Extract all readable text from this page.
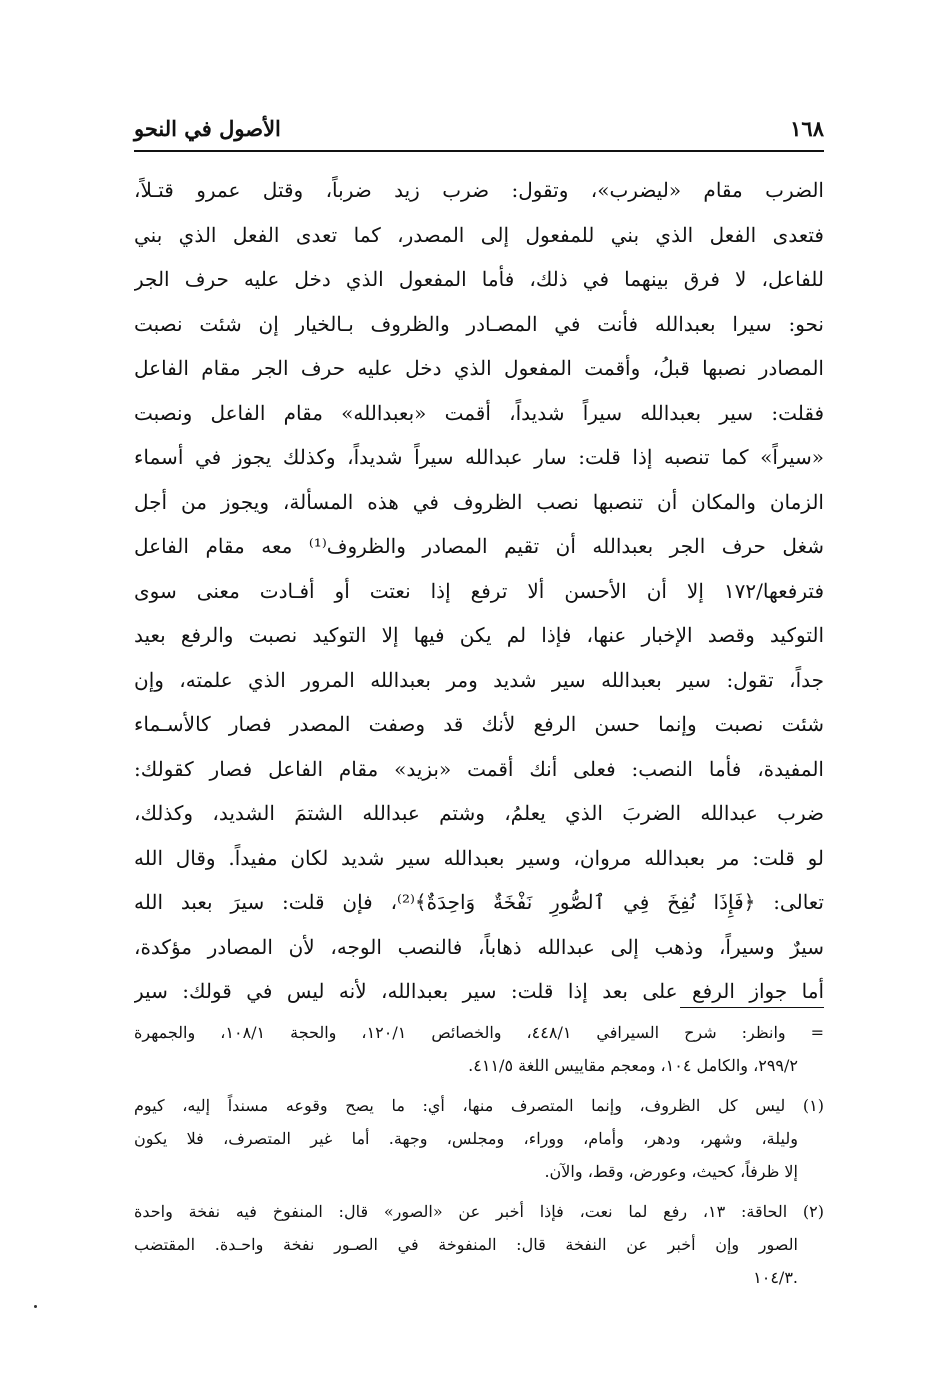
١٦٨
الأصول في النحو
الضرب مقام «ليضرب»، وتقول: ضرب زيد ضرباً، وقتل عمرو قتـلاً،
فتعدى الفعل الذي بني للمفعول إلى المصدر، كما تعدى الفعل الذي بني
للفاعل، لا فرق بينهما في ذلك، فأما المفعول الذي دخل عليه حرف الجر
نحو: سيرا بعبدالله فأنت في المصـادر والظروف بـالخيار إن شئت نصبت
المصادر نصبها قبلُ، وأقمت المفعول الذي دخل عليه حرف الجر مقام الفاعل
فقلت: سير بعبدالله سيراً شديداً، أقمت «بعبدالله» مقام الفاعل ونصبت
«سيراً» كما تنصبه إذا قلت: سار عبدالله سيراً شديداً، وكذلك يجوز في أسماء
الزمان والمكان أن تنصبها نصب الظروف في هذه المسألة، ويجوز من أجل
شغل حرف الجر بعبدالله أن تقيم المصادر والظروف⁽¹⁾ معه مقام الفاعل
فترفعها/١٧٢ إلا أن الأحسن ألا ترفع إذا نعتت أو أفـادت معنى سوى
التوكيد وقصد الإخبار عنها، فإذا لم يكن فيها إلا التوكيد نصبت والرفع بعيد
جداً، تقول: سير بعبدالله سير شديد ومر بعبدالله المرور الذي علمته، وإن
شئت نصبت وإنما حسن الرفع لأنك قد وصفت المصدر فصار كالأسـماء
المفيدة، فأما النصب: فعلى أنك أقمت «بزيد» مقام الفاعل فصار كقولك:
ضرب عبدالله الضربَ الذي يعلمُ، وشتم عبدالله الشتمَ الشديد، وكذلك،
لو قلت: مر بعبدالله مروان، وسير بعبدالله سير شديد لكان مفيداً. وقال الله
تعالى: ﴿فَإِذَا نُفِخَ فِي ٱلصُّورِ نَفْخَةٌ وَاحِدَةٌ﴾⁽²⁾، فإن قلت: سيرَ بعبد الله
سيرٌ وسيراً، وذهب إلى عبدالله ذهاباً، فالنصب الوجه، لأن المصادر مؤكدة،
أما جواز الرفع على بعد إذا قلت: سير بعبدالله، لأنه ليس في قولك: سير
= وانظر: شرح السيرافي ٤٤٨/١، والخصائص ١٢٠/١، والحجة ١٠٨/١، والجمهرة
٢٩٩/٢، والكامل ١٠٤، ومعجم مقاييس اللغة ٤١١/٥.
(١) ليس كل الظروف، وإنما المتصرف منها، أي: ما يصح وقوعه مسنداً إليه، كيوم
وليلة، وشهر، ودهر، وأمام، ووراء، ومجلس، وجهة. أما غير المتصرف، فلا يكون
إلا ظرفاً، كحيث، وعورض، وقط، والآن.
(٢) الحاقة: ١٣، رفع لما نعت، فإذا أخبر عن «الصور» قال: المنفوخ فيه نفخة واحدة
الصور وإن أخبر عن النفخة قال: المنفوخة في الصـور نفخة واحـدة. المقتضب
.١٠٤/٣
